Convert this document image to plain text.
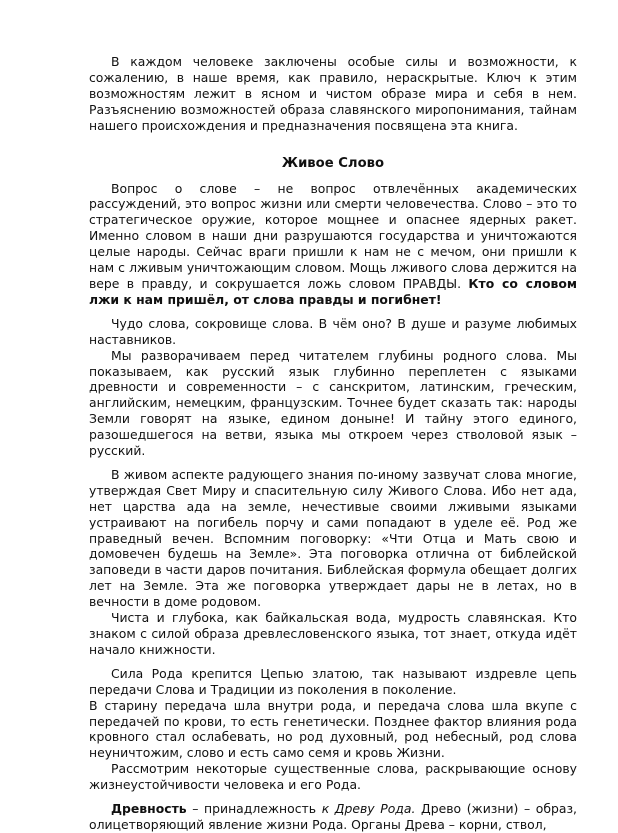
В каждом человеке заключены особые силы и возможности, к сожалению, в наше время, как правило, нераскрытые. Ключ к этим возможностям лежит в ясном и чистом образе мира и себя в нем. Разъяснению возможностей образа славянского миропонимания, тайнам нашего происхождения и предназначения посвящена эта книга.

Живое Слово

Вопрос о слове – не вопрос отвлечённых академических рассуждений, это вопрос жизни или смерти человечества. Слово – это то стратегическое оружие, которое мощнее и опаснее ядерных ракет. Именно словом в наши дни разрушаются государства и уничтожаются целые народы. Сейчас враги пришли к нам не с мечом, они пришли к нам с лживым уничтожающим словом. Мощь лживого слова держится на вере в правду, и сокрушается ложь словом ПРАВДЫ. Кто со словом лжи к нам пришёл, от слова правды и погибнет!

Чудо слова, сокровище слова. В чём оно? В душе и разуме любимых наставников.

Мы разворачиваем перед читателем глубины родного слова. Мы показываем, как русский язык глубинно переплетен с языками древности и современности – с санскритом, латинским, греческим, английским, немецким, французским. Точнее будет сказать так: народы Земли говорят на языке, едином доныне! И тайну этого единого, разошедшегося на ветви, языка мы откроем через стволовой язык – русский.

В живом аспекте радующего знания по-иному зазвучат слова многие, утверждая Свет Миру и спасительную силу Живого Слова. Ибо нет ада, нет царства ада на земле, нечестивые своими лживыми языками устраивают на погибель порчу и сами попадают в уделе её. Род же праведный вечен. Вспомним поговорку: «Чти Отца и Мать свою и домовечен будешь на Земле». Эта поговорка отлична от библейской заповеди в части даров почитания. Библейская формула обещает долгих лет на Земле. Эта же поговорка утверждает дары не в летах, но в вечности в доме родовом.

Чиста и глубока, как байкальская вода, мудрость славянская. Кто знаком с силой образа древлесловенского языка, тот знает, откуда идёт начало книжности.

Сила Рода крепится Цепью златою, так называют издревле цепь передачи Слова и Традиции из поколения в поколение.

В старину передача шла внутри рода, и передача слова шла вкупе с передачей по крови, то есть генетически. Позднее фактор влияния рода кровного стал ослабевать, но род духовный, род небесный, род слова неуничтожим, слово и есть само семя и кровь Жизни.

Рассмотрим некоторые существенные слова, раскрывающие основу жизнеустойчивости человека и его Рода.

Древность – принадлежность к Древу Рода. Древо (жизни) – образ, олицетворяющий явление жизни Рода. Органы Древа – корни, ствол,
